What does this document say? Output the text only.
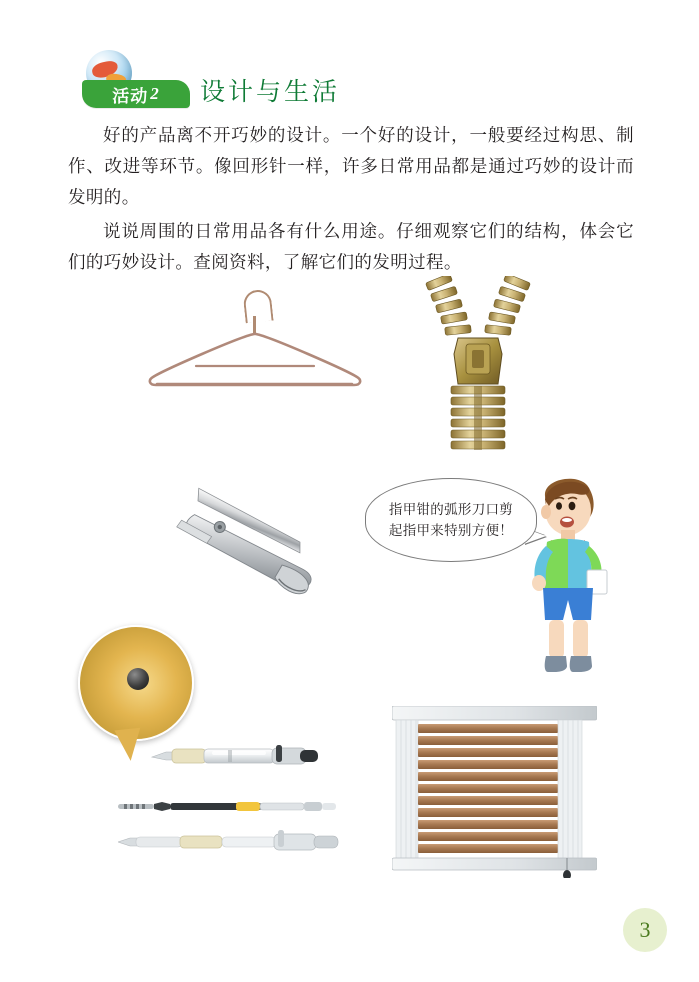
活动 2 设计与生活

好的产品离不开巧妙的设计。一个好的设计，一般要经过构思、制作、改进等环节。像回形针一样，许多日常用品都是通过巧妙的设计而发明的。

说说周围的日常用品各有什么用途。仔细观察它们的结构，体会它们的巧妙设计。查阅资料，了解它们的发明过程。

指甲钳的弧形刀口剪起指甲来特别方便！
3
